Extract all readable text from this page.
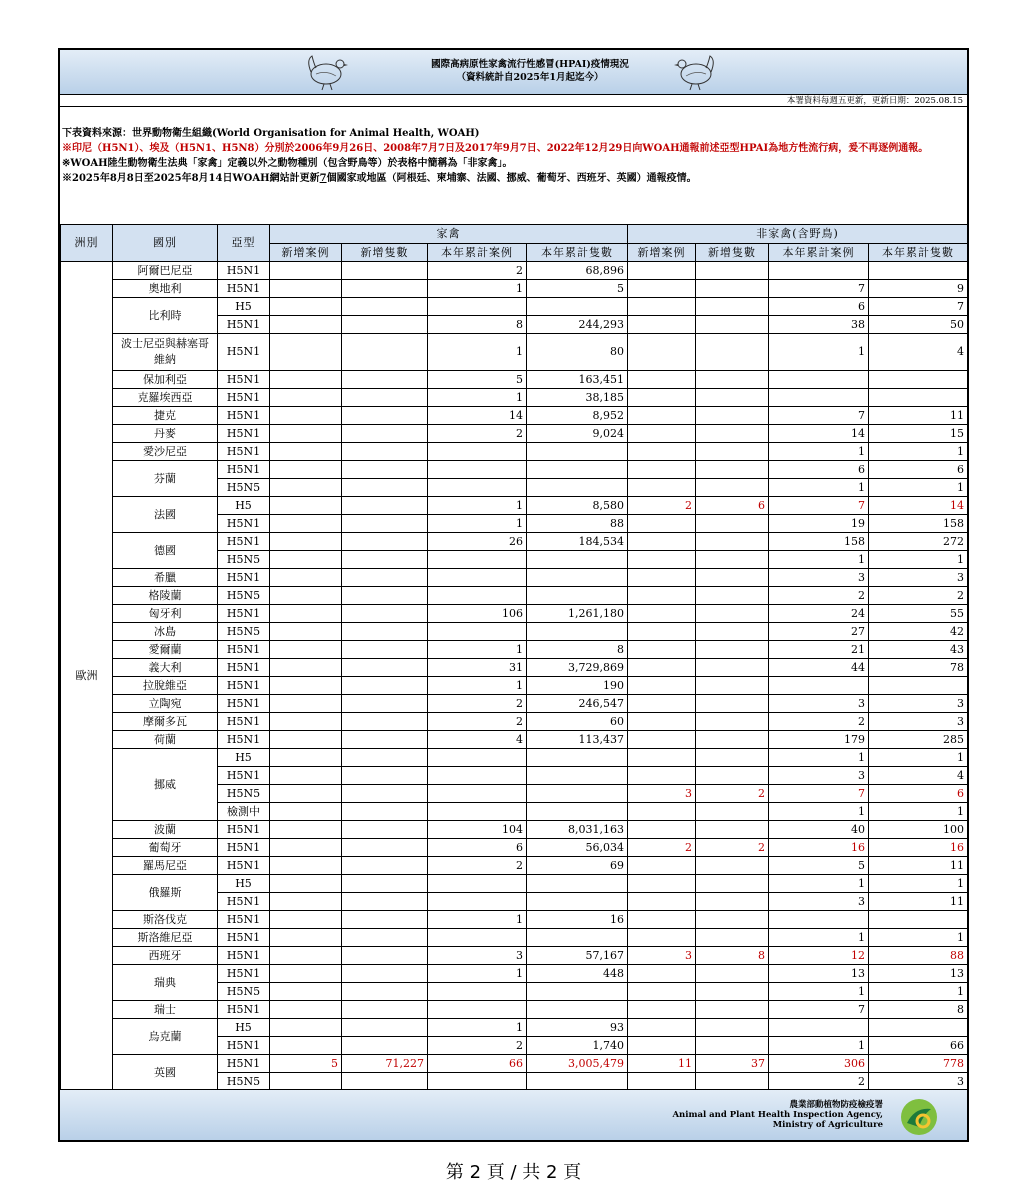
國際高病原性家禽流行性感冒(HPAI)疫情現況
（資料統計自2025年1月起迄今）
本署資料每週五更新，更新日期：2025.08.15
下表資料來源：世界動物衛生組織(World Organisation for Animal Health, WOAH)
※印尼（H5N1）、埃及（H5N1、H5N8）分別於2006年9月26日、2008年7月7日及2017年9月7日、2022年12月29日向WOAH通報前述亞型HPAI為地方性流行病，爰不再逐例通報。
※WOAH陸生動物衛生法典「家禽」定義以外之動物種別（包含野鳥等）於表格中簡稱為「非家禽」。
※2025年8月8日至2025年8月14日WOAH網站計更新7個國家或地區（阿根廷、柬埔寨、法國、挪威、葡萄牙、西班牙、英國）通報疫情。
洲別	國別	亞型	家禽				非家禽(含野鳥)			
			新增案例	新增隻數	本年累計案例	本年累計隻數	新增案例	新增隻數	本年累計案例	本年累計隻數
歐洲	阿爾巴尼亞	H5N1			2	68,896				
	奧地利	H5N1			1	5			7	9
	比利時	H5							6	7
		H5N1			8	244,293			38	50
	波士尼亞與赫塞哥維納	H5N1			1	80			1	4
	保加利亞	H5N1			5	163,451				
	克羅埃西亞	H5N1			1	38,185				
	捷克	H5N1			14	8,952			7	11
	丹麥	H5N1			2	9,024			14	15
	愛沙尼亞	H5N1							1	1
	芬蘭	H5N1							6	6
		H5N5							1	1
	法國	H5			1	8,580	2	6	7	14
		H5N1			1	88			19	158
	德國	H5N1			26	184,534			158	272
		H5N5							1	1
	希臘	H5N1							3	3
	格陵蘭	H5N5							2	2
	匈牙利	H5N1			106	1,261,180			24	55
	冰島	H5N5							27	42
	愛爾蘭	H5N1			1	8			21	43
	義大利	H5N1			31	3,729,869			44	78
	拉脫維亞	H5N1			1	190				
	立陶宛	H5N1			2	246,547			3	3
	摩爾多瓦	H5N1			2	60			2	3
	荷蘭	H5N1			4	113,437			179	285
	挪威	H5							1	1
		H5N1							3	4
		H5N5					3	2	7	6
		檢測中							1	1
	波蘭	H5N1			104	8,031,163			40	100
	葡萄牙	H5N1			6	56,034	2	2	16	16
	羅馬尼亞	H5N1			2	69			5	11
	俄羅斯	H5							1	1
		H5N1							3	11
	斯洛伐克	H5N1			1	16				
	斯洛維尼亞	H5N1							1	1
	西班牙	H5N1			3	57,167	3	8	12	88
	瑞典	H5N1			1	448			13	13
		H5N5							1	1
	瑞士	H5N1							7	8
	烏克蘭	H5			1	93				
		H5N1			2	1,740			1	66
	英國	H5N1	5	71,227	66	3,005,479	11	37	306	778
		H5N5							2	3
農業部動植物防疫檢疫署
Animal and Plant Health Inspection Agency,
Ministry of Agriculture
第 2 頁 / 共 2 頁
